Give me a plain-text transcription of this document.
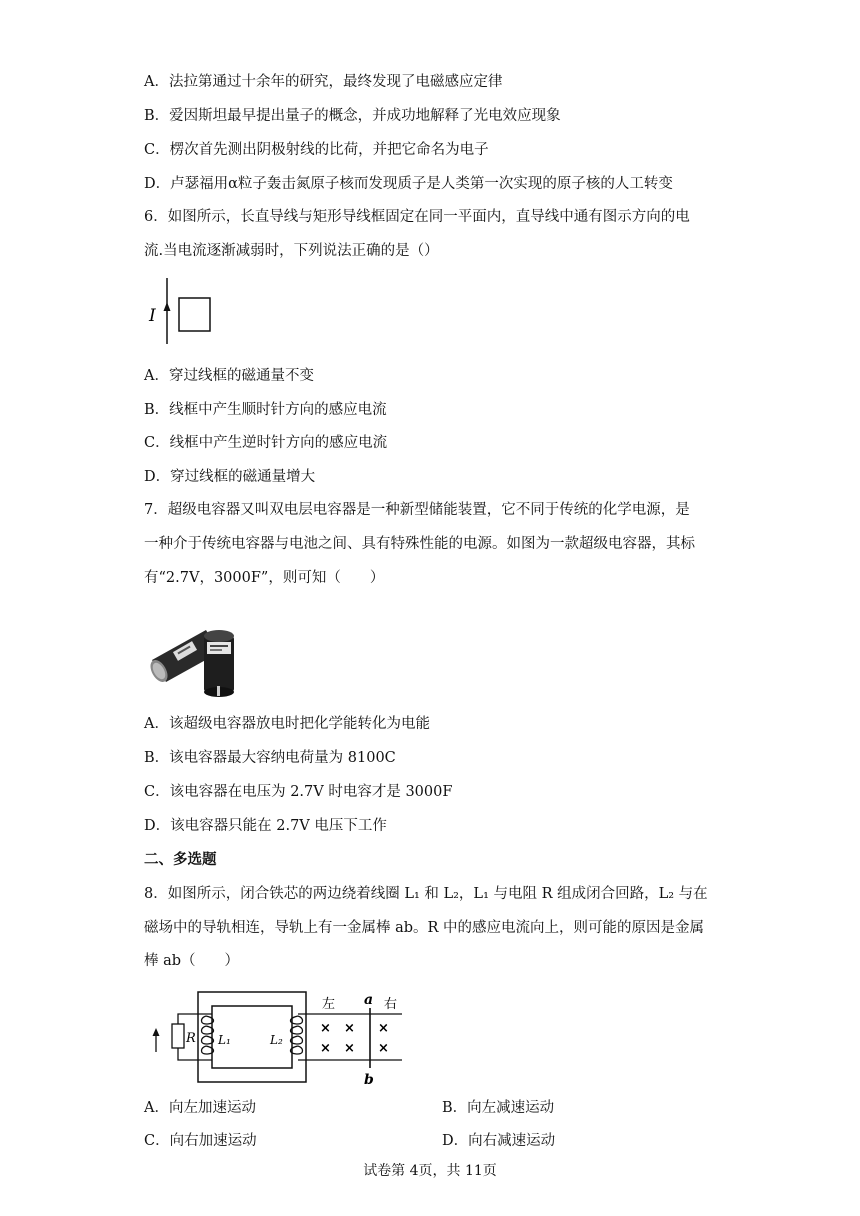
A．法拉第通过十余年的研究，最终发现了电磁感应定律
B．爱因斯坦最早提出量子的概念，并成功地解释了光电效应现象
C．楞次首先测出阴极射线的比荷，并把它命名为电子
D．卢瑟福用α粒子轰击氮原子核而发现质子是人类第一次实现的原子核的人工转变
6．如图所示，长直导线与矩形导线框固定在同一平面内，直导线中通有图示方向的电
流.当电流逐渐减弱时，下列说法正确的是（）
I
A．穿过线框的磁通量不变
B．线框中产生顺时针方向的感应电流
C．线框中产生逆时针方向的感应电流
D．穿过线框的磁通量增大
7．超级电容器又叫双电层电容器是一种新型储能装置，它不同于传统的化学电源，是
一种介于传统电容器与电池之间、具有特殊性能的电源。如图为一款超级电容器，其标
有“2.7V，3000F”，则可知（　　）
A．该超级电容器放电时把化学能转化为电能
B．该电容器最大容纳电荷量为 8100C
C．该电容器在电压为 2.7V 时电容才是 3000F
D．该电容器只能在 2.7V 电压下工作
二、多选题
8．如图所示，闭合铁芯的两边绕着线圈 L₁ 和 L₂，L₁ 与电阻 R 组成闭合回路，L₂ 与在
磁场中的导轨相连，导轨上有一金属棒 ab。R 中的感应电流向上，则可能的原因是金属
棒 ab（　　）
R L₁	L₂
左 a 右
b
× × ×
× × ×
A．向左加速运动	B．向左减速运动
C．向右加速运动	D．向右减速运动
试卷第 4页，共 11页
